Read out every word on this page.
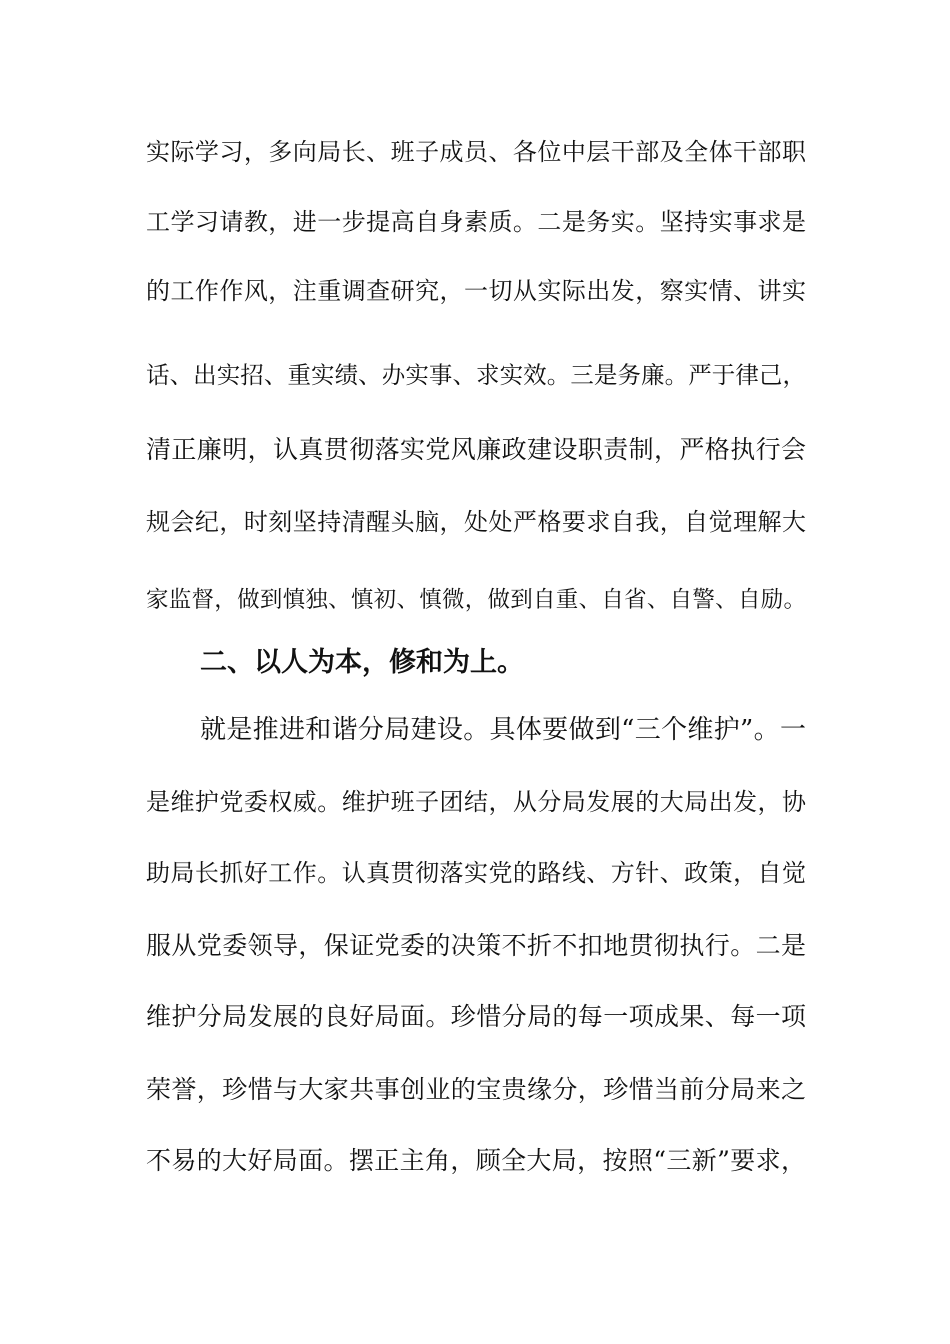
实际学习，多向局长、班子成员、各位中层干部及全体干部职
工学习请教，进一步提高自身素质。二是务实。坚持实事求是
的工作作风，注重调查研究，一切从实际出发，察实情、讲实
话、出实招、重实绩、办实事、求实效。三是务廉。严于律己，
清正廉明，认真贯彻落实党风廉政建设职责制，严格执行会
规会纪，时刻坚持清醒头脑，处处严格要求自我，自觉理解大
家监督，做到慎独、慎初、慎微，做到自重、自省、自警、自励。
二、以人为本，修和为上。
就是推进和谐分局建设。具体要做到“三个维护”。一
是维护党委权威。维护班子团结，从分局发展的大局出发，协
助局长抓好工作。认真贯彻落实党的路线、方针、政策，自觉
服从党委领导，保证党委的决策不折不扣地贯彻执行。二是
维护分局发展的良好局面。珍惜分局的每一项成果、每一项
荣誉，珍惜与大家共事创业的宝贵缘分，珍惜当前分局来之
不易的大好局面。摆正主角，顾全大局，按照“三新”要求，
